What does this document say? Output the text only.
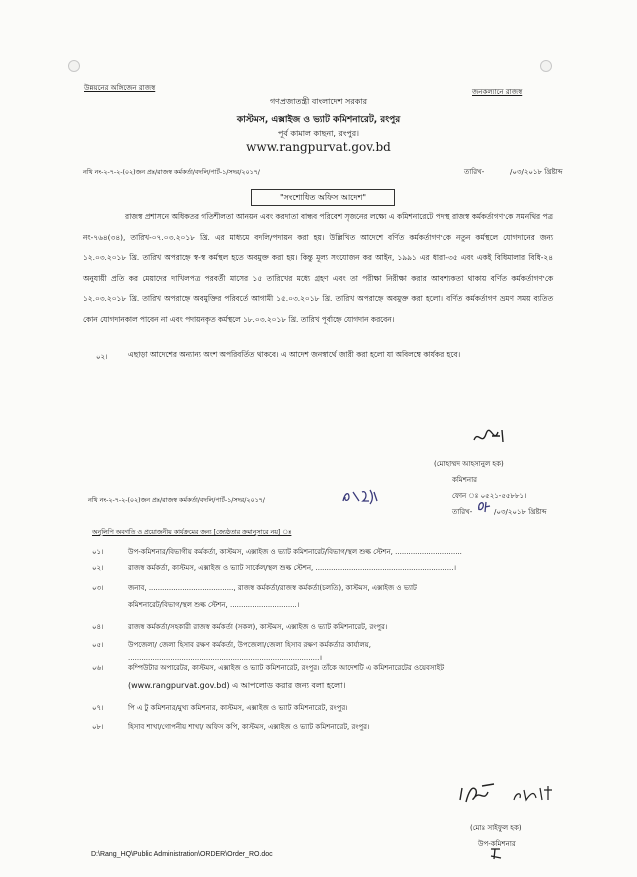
উন্নয়নের অঙ্গিজেন রাজস্ব	জনকল্যানে রাজস্ব
গণপ্রজাতন্ত্রী বাংলাদেশ সরকার
কাস্টমস, এক্সাইজ ও ভ্যাট কমিশনারেট, রংপুর
পূর্ব কামাল কাছনা, রংপুর।
www.rangpurvat.gov.bd
নথি নং-২-৭-২-(০২)জন প্রঃ/রাজস্ব কর্মকর্তা/বদলি/পার্ট-১/সদর/২০১৭/	তারিখ-	/০৩/২০১৮ খ্রিষ্টাব্দ
"সংশোধিত অফিস আদেশ"
রাজস্ব প্রশাসনে অধিকতর গতিশীলতা আনয়ন এবং করদাতা বান্ধব পরিবেশ সৃজনের লক্ষ্যে এ কমিশনারেটে পদস্থ রাজস্ব কর্মকর্তাগণ'কে সমনথির পত্র নং-৭৬৪(৩৪), তারিখ-০৭.০৩.২০১৮ খ্রি. এর মাধ্যমে বদলি/পদায়ন করা হয়। উল্লিখিত আদেশে বর্ণিত কর্মকর্তাগণ'কে নতুন কর্মস্থলে যোগদানের জন্য ১২.০৩.২০১৮ খ্রি. তারিখ অপরাহ্নে স্ব-স্ব কর্মস্থল হতে অবমুক্ত করা হয়। কিন্তু মূল্য সংযোজন কর আইন, ১৯৯১ এর ধারা-৩৫ এবং একই বিধিমালার বিধি-২৪ অনুযায়ী প্রতি কর মেয়াদের দাখিলপত্র পরবর্তী মাসের ১৫ তারিখের মধ্যে গ্রহণ এবং তা পরীক্ষা নিরীক্ষা করার আবশ্যকতা থাকায় বর্ণিত কর্মকর্তাগণ'কে ১২.০৩.২০১৮ খ্রি. তারিখ অপরাহ্নে অবমুক্তির পরিবর্তে আগামী ১৫.০৩.২০১৮ খ্রি. তারিখ অপরাহ্নে অবমুক্ত করা হলো। বর্ণিত কর্মকর্তাগণ ভ্রমণ সময় ব্যতিত কোন যোগদানকাল পাবেন না এবং পদায়নকৃত কর্মস্থলে ১৮.০৩.২০১৮ খ্রি. তারিখ পূর্বাহ্নে যোগদান করবেন।
০২।	এছাড়া আদেশের অন্যান্য অংশ অপরিবর্তিত থাকবে। এ আদেশ জনস্বার্থে জারী করা হলো যা অবিলম্বে কার্যকর হবে।
(মোহাম্মদ আহসানুল হক)
কমিশনার
ফোন ঃ ০৫২১-৫৫৮৮১।
নথি নং-২-৭-২-(০২)জন প্রঃ/রাজস্ব কর্মকর্তা/বদলি/পার্ট-১/সদর/২০১৭/
তারিখ-	/০৩/২০১৮ খ্রিষ্টাব্দ
অনুলিপি অবগতি ও প্রয়োজনীয় কার্যক্রমের জন্য [জ্যেষ্ঠতার ক্রমানুসারে নয়] ঃ
০১।	উপ-কমিশনার/বিভাগীয় কর্মকর্তা, কাস্টমস, এক্সাইজ ও ভ্যাট কমিশনারেট/বিভাগ/স্থল শুল্ক স্টেশন, ..............................
০২।	রাজস্ব কর্মকর্তা, কাস্টমস, এক্সাইজ ও ভ্যাট সার্কেল/স্থল শুল্ক স্টেশন, ..............................................................।
০৩।	জনাব, ......................................, রাজস্ব কর্মকর্তা/রাজস্ব কর্মকর্তা(চলতি), কাস্টমস, এক্সাইজ ও ভ্যাট
কমিশনারেট/বিভাগ/স্থল শুল্ক স্টেশন, ..............................।
০৪।	রাজস্ব কর্মকর্তা/সহকারী রাজস্ব কর্মকর্তা (সকল), কাস্টমস, এক্সাইজ ও ভ্যাট কমিশনারেট, রংপুর।
০৫।	উপজেলা/ জেলা হিসাব রক্ষণ কর্মকর্তা, উপজেলা/জেলা হিসাব রক্ষণ কর্মকর্তার কার্যালয়,
......................................................................................।
০৬।	কম্পিউটার অপারেটর, কাস্টমস, এক্সাইজ ও ভ্যাট কমিশনারেট, রংপুর। তাঁকে আদেশটি এ কমিশনারেটের ওয়েবসাইট
(www.rangpurvat.gov.bd) এ আপলোড করার জন্য বলা হলো।
০৭।	পি এ টু কমিশনার/মুখ্য কমিশনার, কাস্টমস, এক্সাইজ ও ভ্যাট কমিশনারেট, রংপুর।
০৮।	হিসাব শাখা/গোপনীয় শাখা/ অফিস কপি, কাস্টমস, এক্সাইজ ও ভ্যাট কমিশনারেট, রংপুর।
(মোঃ সাইফুল হক)
উপ-কমিশনার
D:\Rang_HQ\Public Administration\ORDER\Order_RO.doc
